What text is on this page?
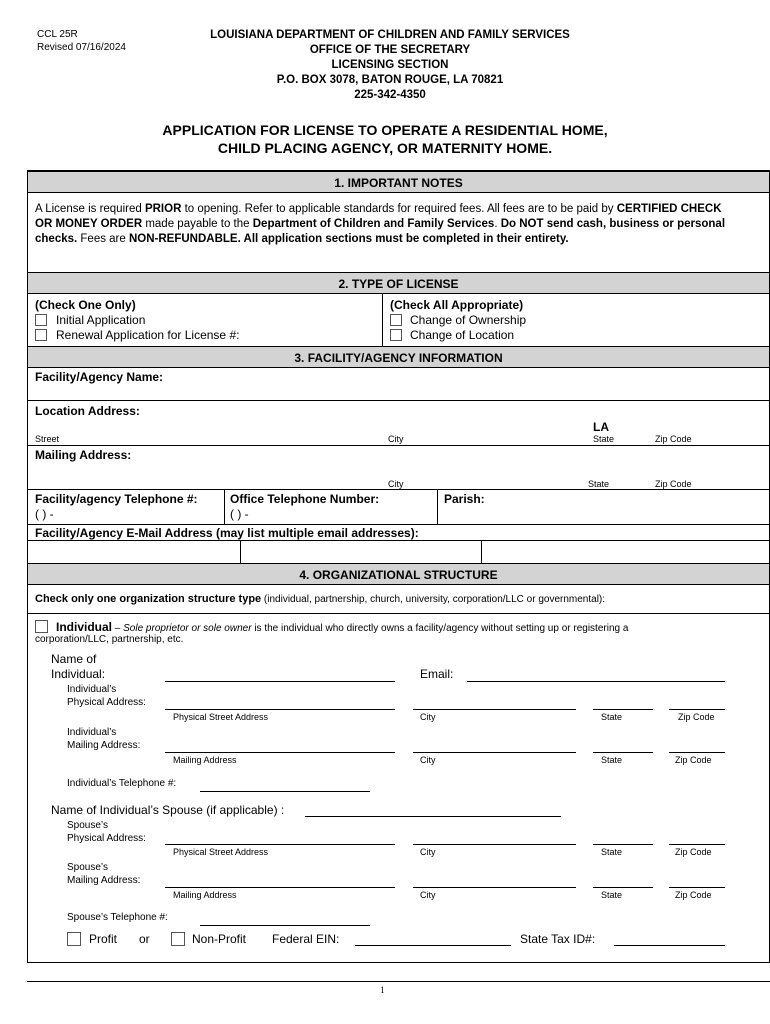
CCL 25R
Revised 07/16/2024
LOUISIANA DEPARTMENT OF CHILDREN AND FAMILY SERVICES
OFFICE OF THE SECRETARY
LICENSING SECTION
P.O. BOX 3078, BATON ROUGE, LA 70821
225-342-4350
APPLICATION FOR LICENSE TO OPERATE A RESIDENTIAL HOME,
CHILD PLACING AGENCY, OR MATERNITY HOME.
1. IMPORTANT NOTES
A License is required PRIOR to opening. Refer to applicable standards for required fees. All fees are to be paid by CERTIFIED CHECK OR MONEY ORDER made payable to the Department of Children and Family Services. Do NOT send cash, business or personal checks. Fees are NON-REFUNDABLE. All application sections must be completed in their entirety.
2. TYPE OF LICENSE
(Check One Only)
Initial Application
Renewal Application for License #:
(Check All Appropriate)
Change of Ownership
Change of Location
3. FACILITY/AGENCY INFORMATION
Facility/Agency Name:
Location Address:
LA
Street	City	State	Zip Code
Mailing Address:
City	State	Zip Code
Facility/agency Telephone #:
( ) -
Office Telephone Number:
( ) -
Parish:
Facility/Agency E-Mail Address (may list multiple email addresses):
4. ORGANIZATIONAL STRUCTURE
Check only one organization structure type (individual, partnership, church, university, corporation/LLC or governmental):
Individual – Sole proprietor or sole owner is the individual who directly owns a facility/agency without setting up or registering a
corporation/LLC, partnership, etc.
Name of
Individual:	Email:
Individual’s
Physical Address:
Physical Street Address	City	State	Zip Code
Individual’s
Mailing Address:
Mailing Address	City	State	Zip Code
Individual’s Telephone #:
Name of Individual’s Spouse (if applicable) :
Spouse’s
Physical Address:
Physical Street Address	City	State	Zip Code
Spouse’s
Mailing Address:
Mailing Address	City	State	Zip Code
Spouse’s Telephone #:
Profit or	Non-Profit Federal EIN:	State Tax ID#:
1
